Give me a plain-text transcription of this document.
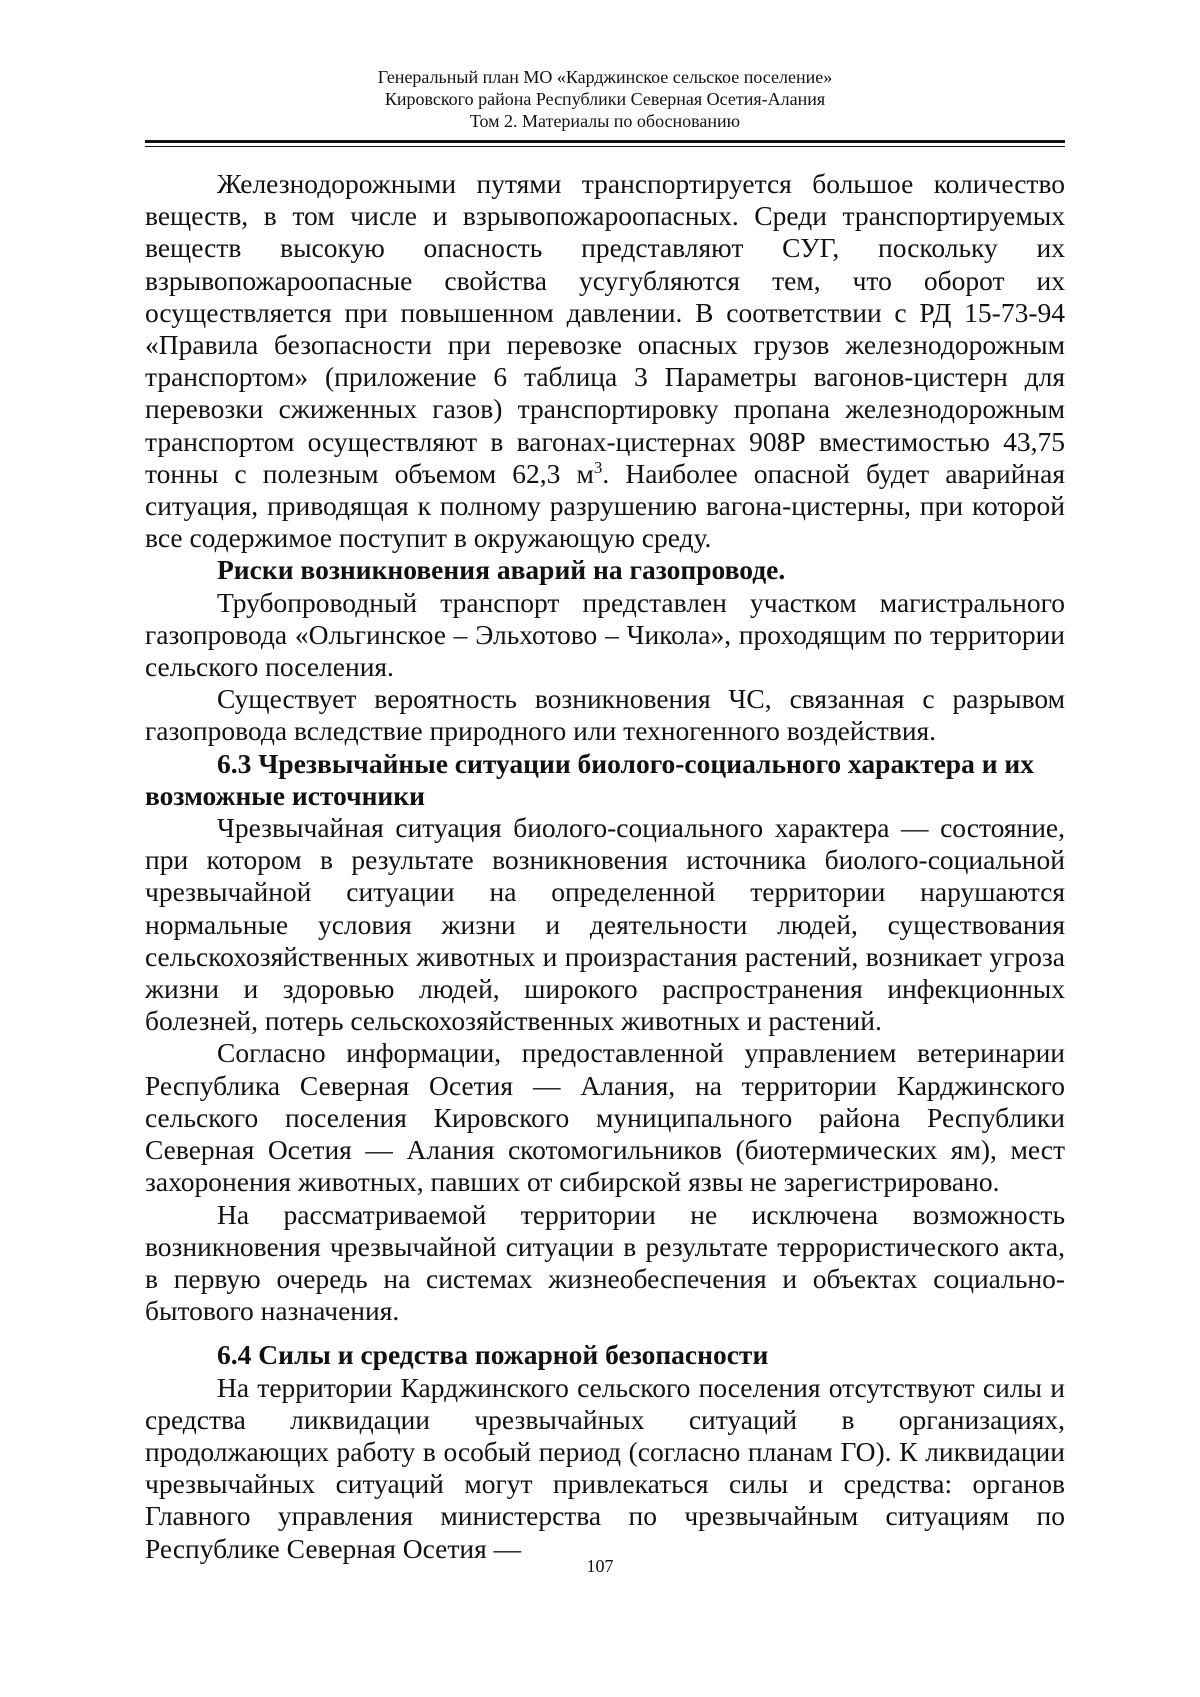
Генеральный план МО «Карджинское сельское поселение»
Кировского района Республики Северная Осетия-Алания
Том 2. Материалы по обоснованию

Железнодорожными путями транспортируется большое количество веществ, в том числе и взрывопожароопасных. Среди транспортируемых веществ высокую опасность представляют СУГ, поскольку их взрывопожароопасные свойства усугубляются тем, что оборот их осуществляется при повышенном давлении. В соответствии с РД 15-73-94 «Правила безопасности при перевозке опасных грузов железнодорожным транспортом» (приложение 6 таблица 3 Параметры вагонов-цистерн для перевозки сжиженных газов) транспортировку пропана железнодорожным транспортом осуществляют в вагонах-цистернах 908Р вместимостью 43,75 тонны с полезным объемом 62,3 $м^3$. Наиболее опасной будет аварийная ситуация, приводящая к полному разрушению вагона-цистерны, при которой все содержимое поступит в окружающую среду.

Риски возникновения аварий на газопроводе.

Трубопроводный транспорт представлен участком магистрального газопровода «Ольгинское – Эльхотово – Чикола», проходящим по территории сельского поселения.

Существует вероятность возникновения ЧС, связанная с разрывом газопровода вследствие природного или техногенного воздействия.

6.3 Чрезвычайные ситуации биолого-социального характера и их возможные источники

Чрезвычайная ситуация биолого-социального характера — состояние, при котором в результате возникновения источника биолого-социальной чрезвычайной ситуации на определенной территории нарушаются нормальные условия жизни и деятельности людей, существования сельскохозяйственных животных и произрастания растений, возникает угроза жизни и здоровью людей, широкого распространения инфекционных болезней, потерь сельскохозяйственных животных и растений.

Согласно информации, предоставленной управлением ветеринарии Республика Северная Осетия — Алания, на территории Карджинского сельского поселения Кировского муниципального района Республики Северная Осетия — Алания скотомогильников (биотермических ям), мест захоронения животных, павших от сибирской язвы не зарегистрировано.

На рассматриваемой территории не исключена возможность возникновения чрезвычайной ситуации в результате террористического акта, в первую очередь на системах жизнеобеспечения и объектах социально-бытового назначения.

6.4 Силы и средства пожарной безопасности

На территории Карджинского сельского поселения отсутствуют силы и средства ликвидации чрезвычайных ситуаций в организациях, продолжающих работу в особый период (согласно планам ГО). К ликвидации чрезвычайных ситуаций могут привлекаться силы и средства: органов Главного управления министерства по чрезвычайным ситуациям по Республике Северная Осетия —

107
